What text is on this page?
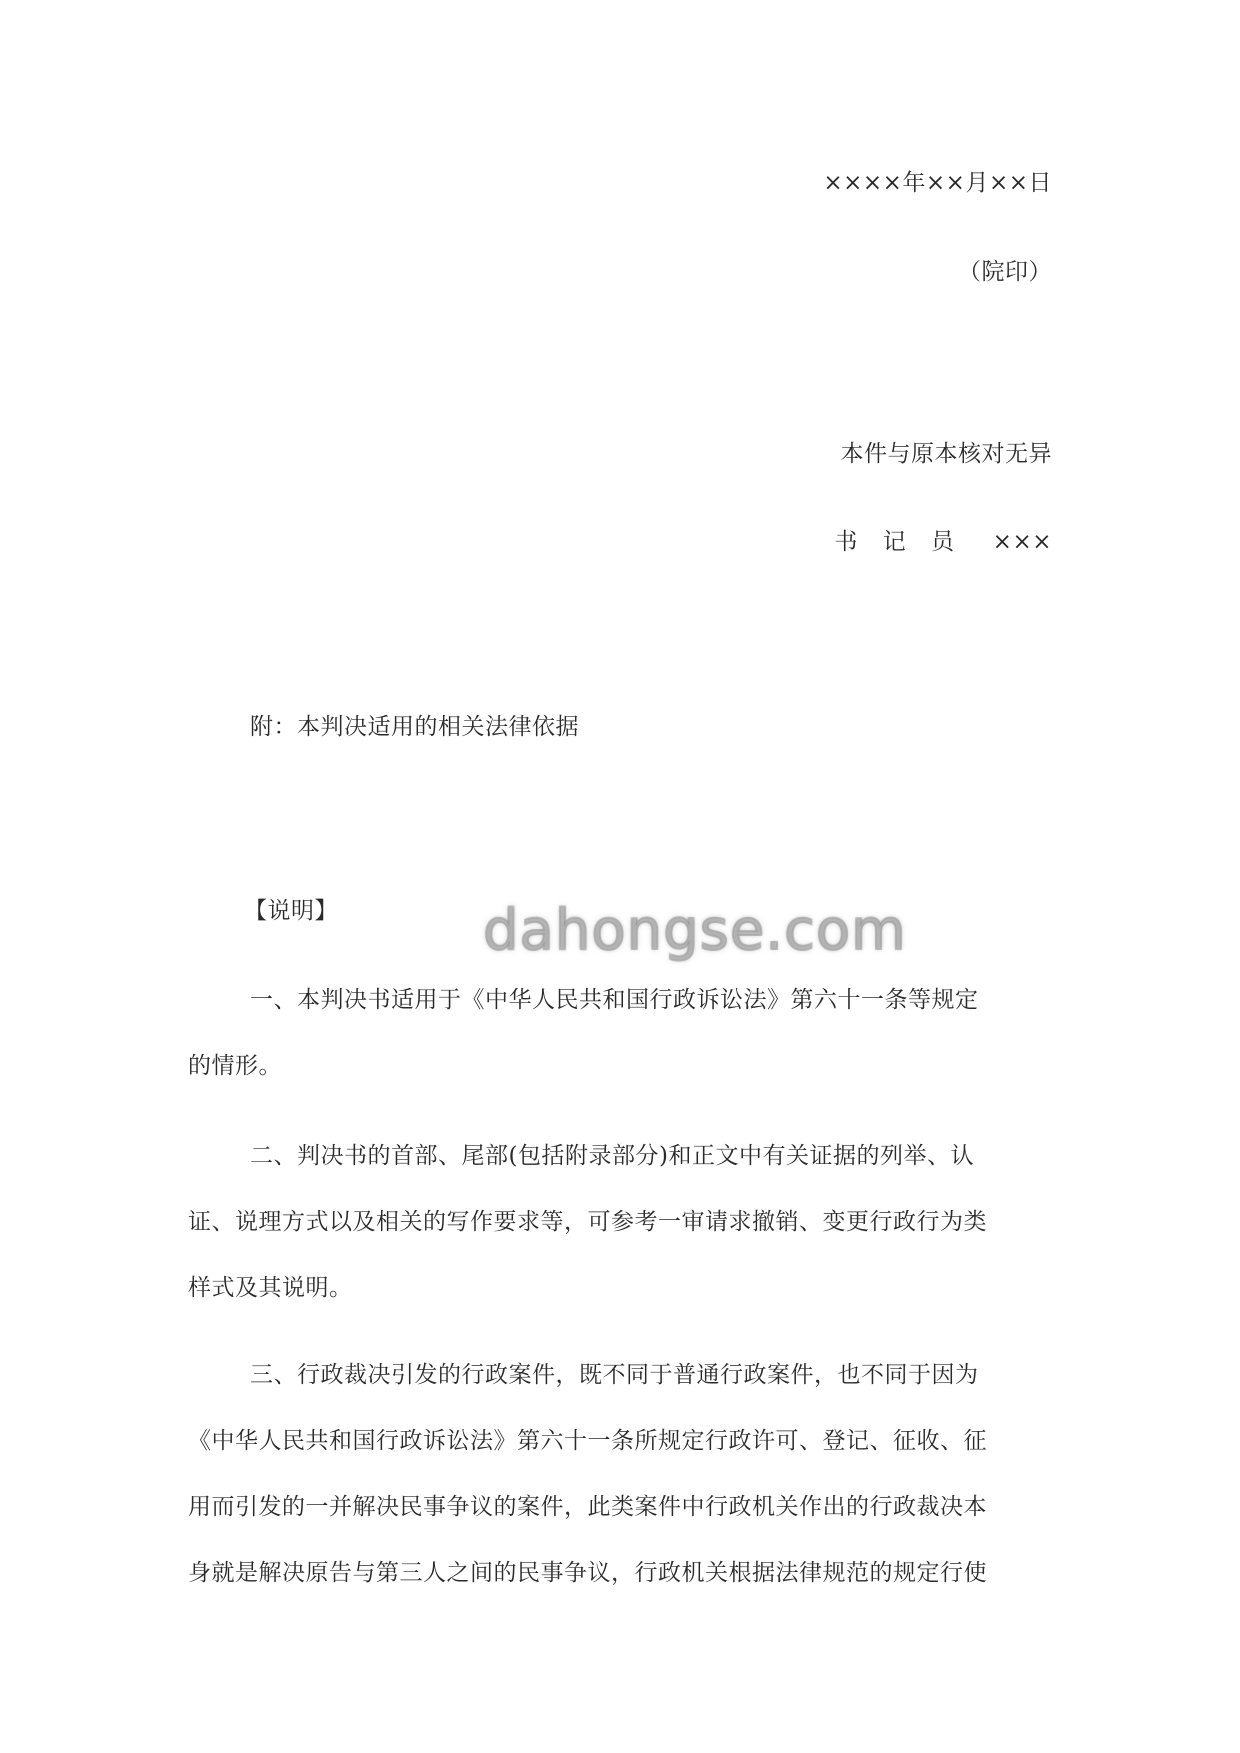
××××年××月××日
（院印）
本件与原本核对无异
书 记 员 ×××
附：本判决适用的相关法律依据
【说明】	dahongse.com
一、本判决书适用于《中华人民共和国行政诉讼法》第六十一条等规定
的情形。
二、判决书的首部、尾部(包括附录部分)和正文中有关证据的列举、认
证、说理方式以及相关的写作要求等，可参考一审请求撤销、变更行政行为类
样式及其说明。
三、行政裁决引发的行政案件，既不同于普通行政案件，也不同于因为
《中华人民共和国行政诉讼法》第六十一条所规定行政许可、登记、征收、征
用而引发的一并解决民事争议的案件，此类案件中行政机关作出的行政裁决本
身就是解决原告与第三人之间的民事争议，行政机关根据法律规范的规定行使
